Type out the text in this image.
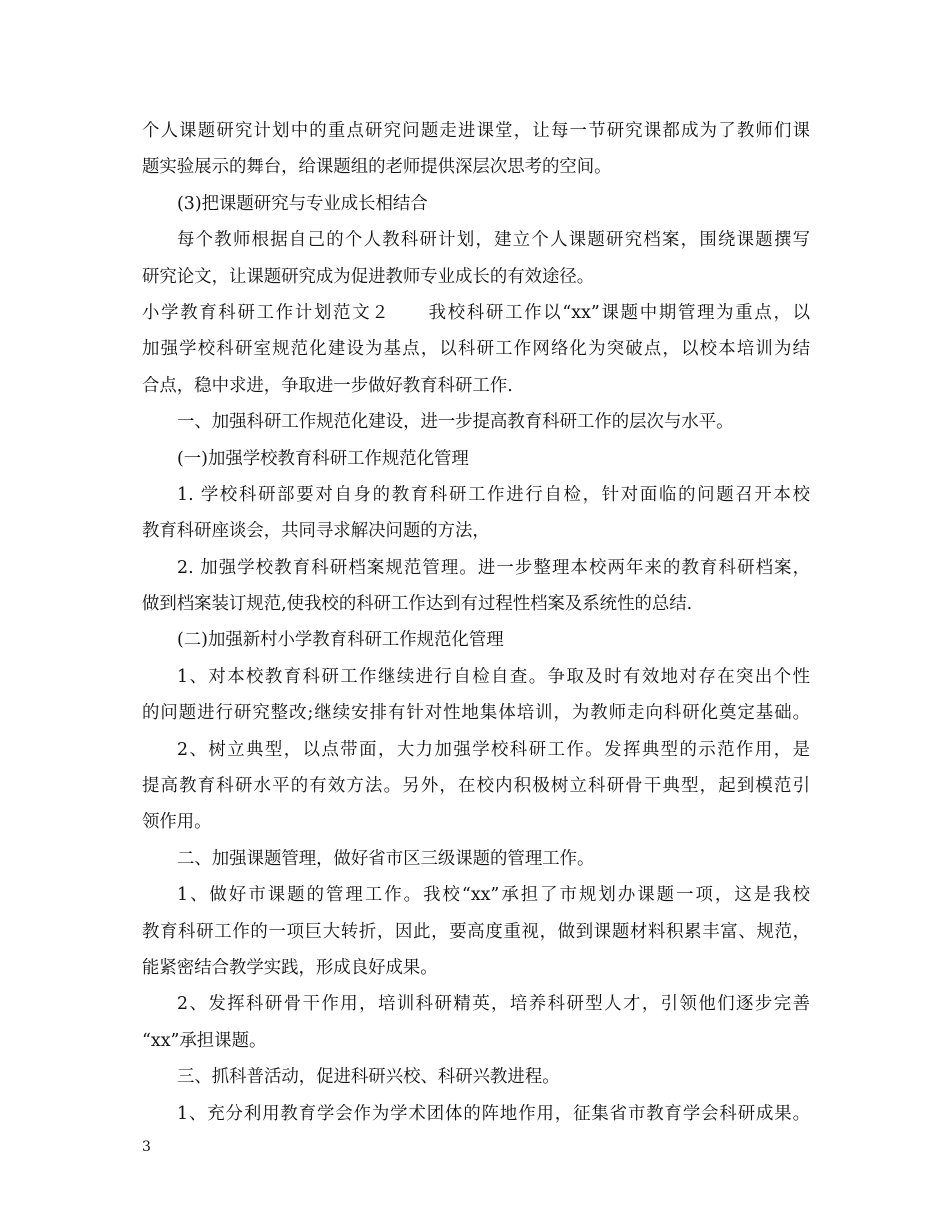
个人课题研究计划中的重点研究问题走进课堂，让每一节研究课都成为了教师们课
题实验展示的舞台，给课题组的老师提供深层次思考的空间。
(3)把课题研究与专业成长相结合
每个教师根据自己的个人教科研计划，建立个人课题研究档案，围绕课题撰写
研究论文，让课题研究成为促进教师专业成长的有效途径。
小学教育科研工作计划范文２　　我校科研工作以“xx”课题中期管理为重点，以
加强学校科研室规范化建设为基点，以科研工作网络化为突破点，以校本培训为结
合点，稳中求进，争取进一步做好教育科研工作.
一、加强科研工作规范化建设，进一步提高教育科研工作的层次与水平。
(一)加强学校教育科研工作规范化管理
1. 学校科研部要对自身的教育科研工作进行自检，针对面临的问题召开本校
教育科研座谈会，共同寻求解决问题的方法，
2. 加强学校教育科研档案规范管理。进一步整理本校两年来的教育科研档案，
做到档案装订规范,使我校的科研工作达到有过程性档案及系统性的总结.
(二)加强新村小学教育科研工作规范化管理
1、对本校教育科研工作继续进行自检自查。争取及时有效地对存在突出个性
的问题进行研究整改;继续安排有针对性地集体培训，为教师走向科研化奠定基础。
2、树立典型，以点带面，大力加强学校科研工作。发挥典型的示范作用，是
提高教育科研水平的有效方法。另外，在校内积极树立科研骨干典型，起到模范引
领作用。
二、加强课题管理，做好省市区三级课题的管理工作。
1、做好市课题的管理工作。我校“xx”承担了市规划办课题一项，这是我校
教育科研工作的一项巨大转折，因此，要高度重视，做到课题材料积累丰富、规范，
能紧密结合教学实践，形成良好成果。
2、发挥科研骨干作用，培训科研精英，培养科研型人才，引领他们逐步完善
“xx”承担课题。
三、抓科普活动，促进科研兴校、科研兴教进程。
1、充分利用教育学会作为学术团体的阵地作用，征集省市教育学会科研成果。
3
